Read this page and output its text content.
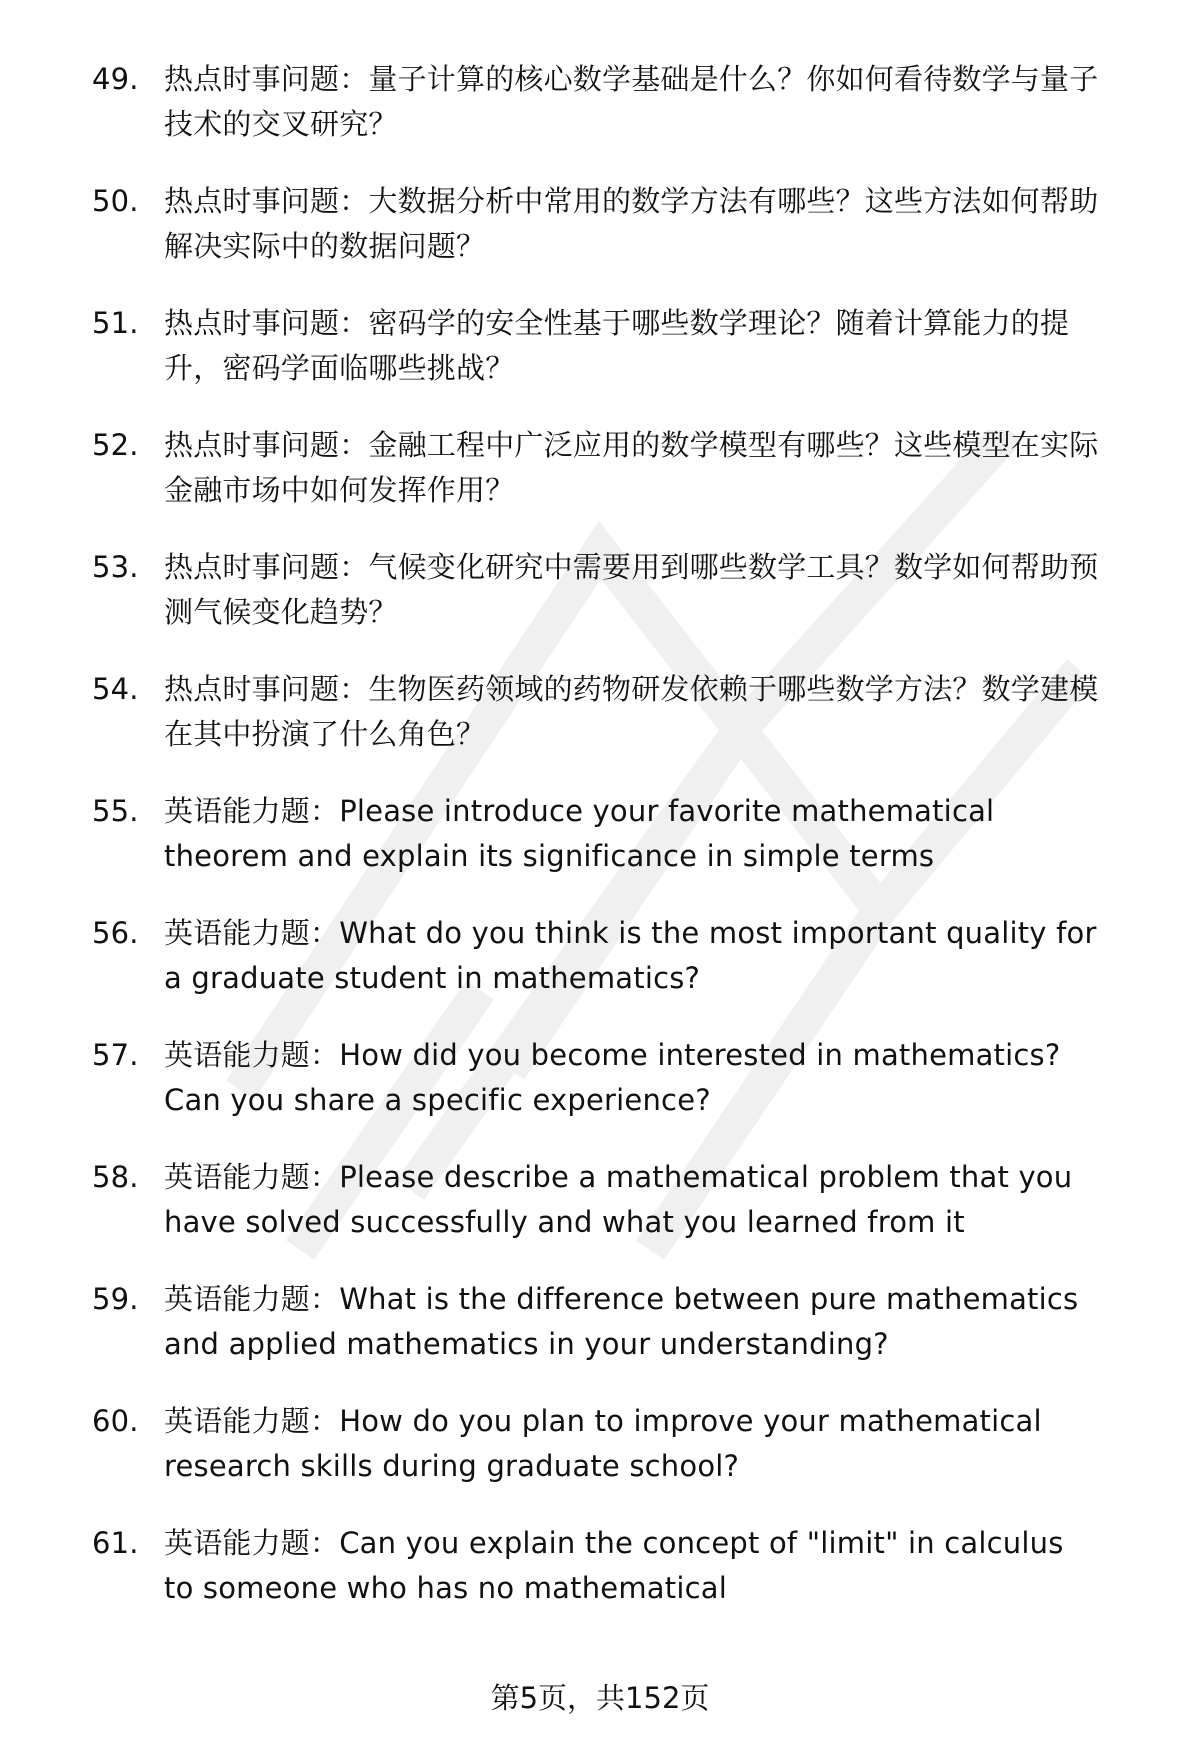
49. 热点时事问题：量子计算的核心数学基础是什么？你如何看待数学与量子技术的交叉研究？
50. 热点时事问题：大数据分析中常用的数学方法有哪些？这些方法如何帮助解决实际中的数据问题？
51. 热点时事问题：密码学的安全性基于哪些数学理论？随着计算能力的提升，密码学面临哪些挑战？
52. 热点时事问题：金融工程中广泛应用的数学模型有哪些？这些模型在实际金融市场中如何发挥作用？
53. 热点时事问题：气候变化研究中需要用到哪些数学工具？数学如何帮助预测气候变化趋势？
54. 热点时事问题：生物医药领域的药物研发依赖于哪些数学方法？数学建模在其中扮演了什么角色？
55. 英语能力题：Please introduce your favorite mathematical theorem and explain its significance in simple terms
56. 英语能力题：What do you think is the most important quality for a graduate student in mathematics?
57. 英语能力题：How did you become interested in mathematics? Can you share a specific experience?
58. 英语能力题：Please describe a mathematical problem that you have solved successfully and what you learned from it
59. 英语能力题：What is the difference between pure mathematics and applied mathematics in your understanding?
60. 英语能力题：How do you plan to improve your mathematical research skills during graduate school?
61. 英语能力题：Can you explain the concept of "limit" in calculus to someone who has no mathematical
第5页，共152页
